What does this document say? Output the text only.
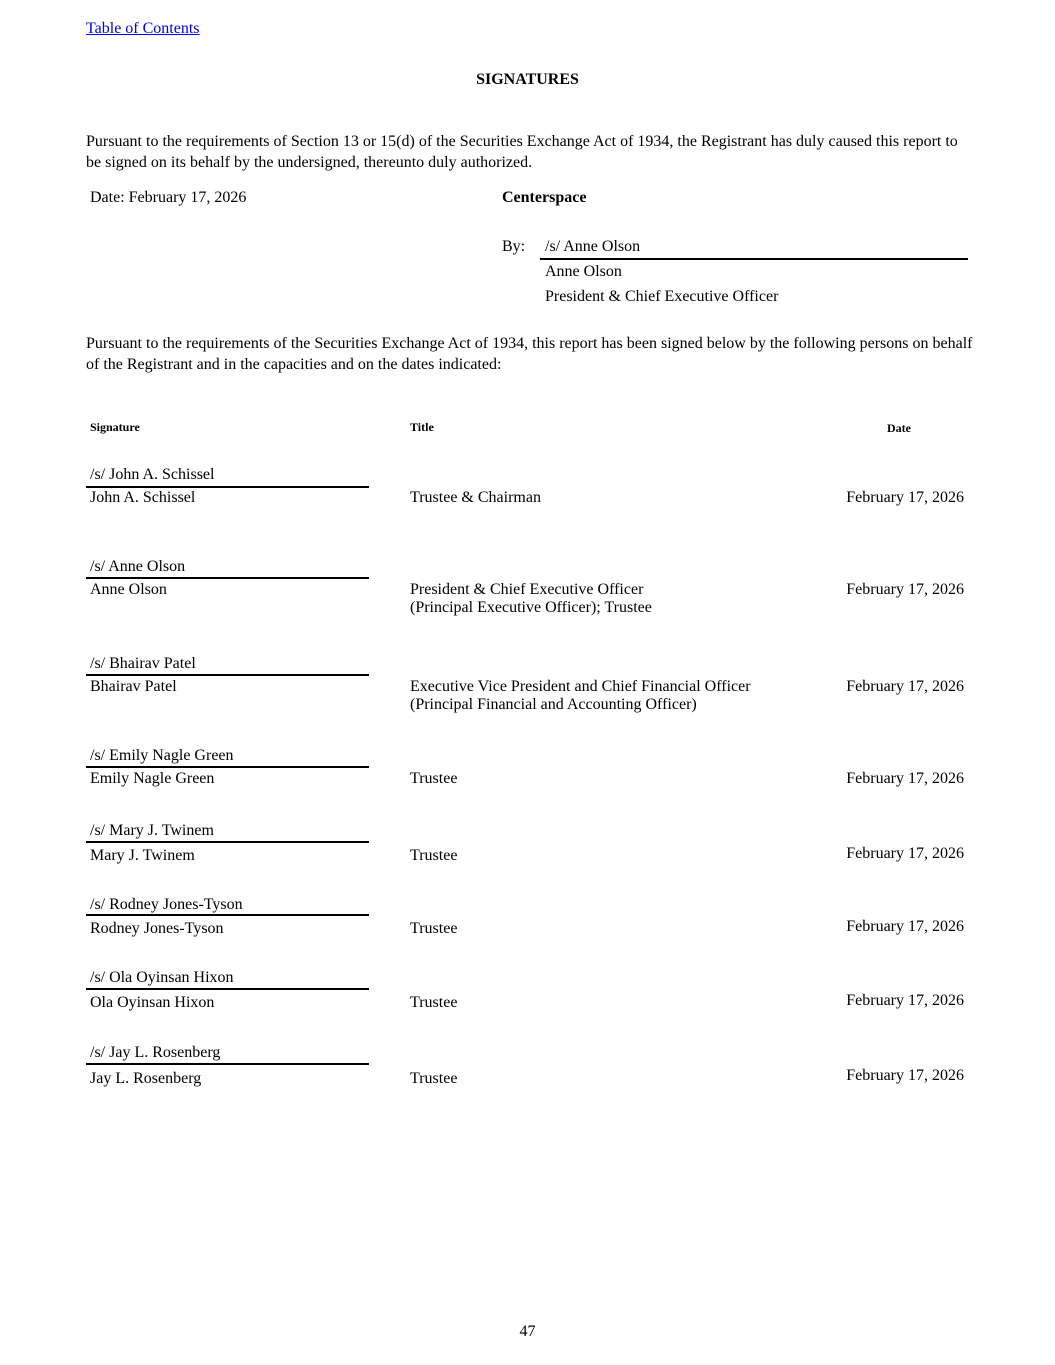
Table of Contents
SIGNATURES
Pursuant to the requirements of Section 13 or 15(d) of the Securities Exchange Act of 1934, the Registrant has duly caused this report to be signed on its behalf by the undersigned, thereunto duly authorized.
Date: February 17, 2026	Centerspace
By: /s/ Anne Olson
Anne Olson
President & Chief Executive Officer
Pursuant to the requirements of the Securities Exchange Act of 1934, this report has been signed below by the following persons on behalf of the Registrant and in the capacities and on the dates indicated:
Signature	Title	Date
/s/ John A. Schissel
John A. Schissel	Trustee & Chairman	February 17, 2026
/s/ Anne Olson
Anne Olson	President & Chief Executive Officer
(Principal Executive Officer); Trustee
February 17, 2026
/s/ Bhairav Patel
Bhairav Patel	Executive Vice President and Chief Financial Officer
(Principal Financial and Accounting Officer)
February 17, 2026
/s/ Emily Nagle Green
Emily Nagle Green	Trustee	February 17, 2026
/s/ Mary J. Twinem
Mary J. Twinem	Trustee	February 17, 2026
/s/ Rodney Jones-Tyson
Rodney Jones-Tyson	Trustee	February 17, 2026
/s/ Ola Oyinsan Hixon
Ola Oyinsan Hixon	Trustee	February 17, 2026
/s/ Jay L. Rosenberg
Jay L. Rosenberg	Trustee	February 17, 2026
47
